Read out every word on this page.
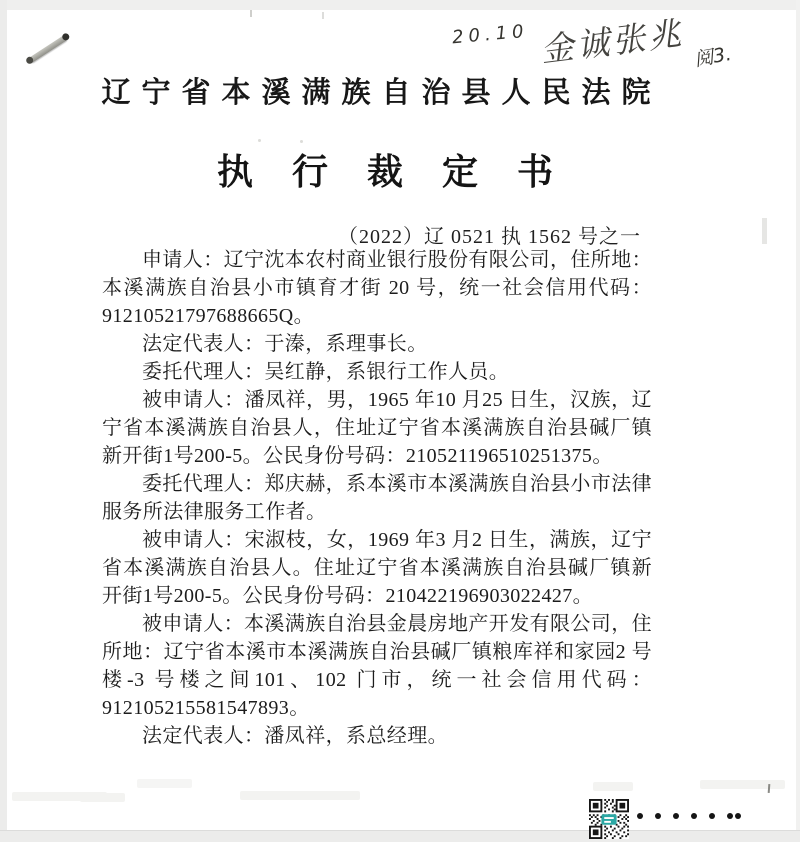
20.10 金诚张兆 阅3.
辽宁省本溪满族自治县人民法院
执 行 裁 定 书
（2022）辽 0521 执 1562 号之一

申请人：辽宁沈本农村商业银行股份有限公司，住所地：本溪满族自治县小市镇育才街 20 号，统一社会信用代码：91210521797688665Q。

法定代表人：于溱，系理事长。

委托代理人：吴红静，系银行工作人员。

被申请人：潘凤祥，男，1965 年10 月25 日生，汉族，辽宁省本溪满族自治县人，住址辽宁省本溪满族自治县碱厂镇新开街1号200-5。公民身份号码：210521196510251375。

委托代理人：郑庆赫，系本溪市本溪满族自治县小市法律服务所法律服务工作者。

被申请人：宋淑枝，女，1969 年3 月2 日生，满族，辽宁省本溪满族自治县人。住址辽宁省本溪满族自治县碱厂镇新开街1号200-5。公民身份号码：210422196903022427。

被申请人：本溪满族自治县金晨房地产开发有限公司，住所地：辽宁省本溪市本溪满族自治县碱厂镇粮库祥和家园2 号楼-3 号楼之间101、102 门市，统一社会信用代码：912105215581547893。

法定代表人：潘凤祥，系总经理。
